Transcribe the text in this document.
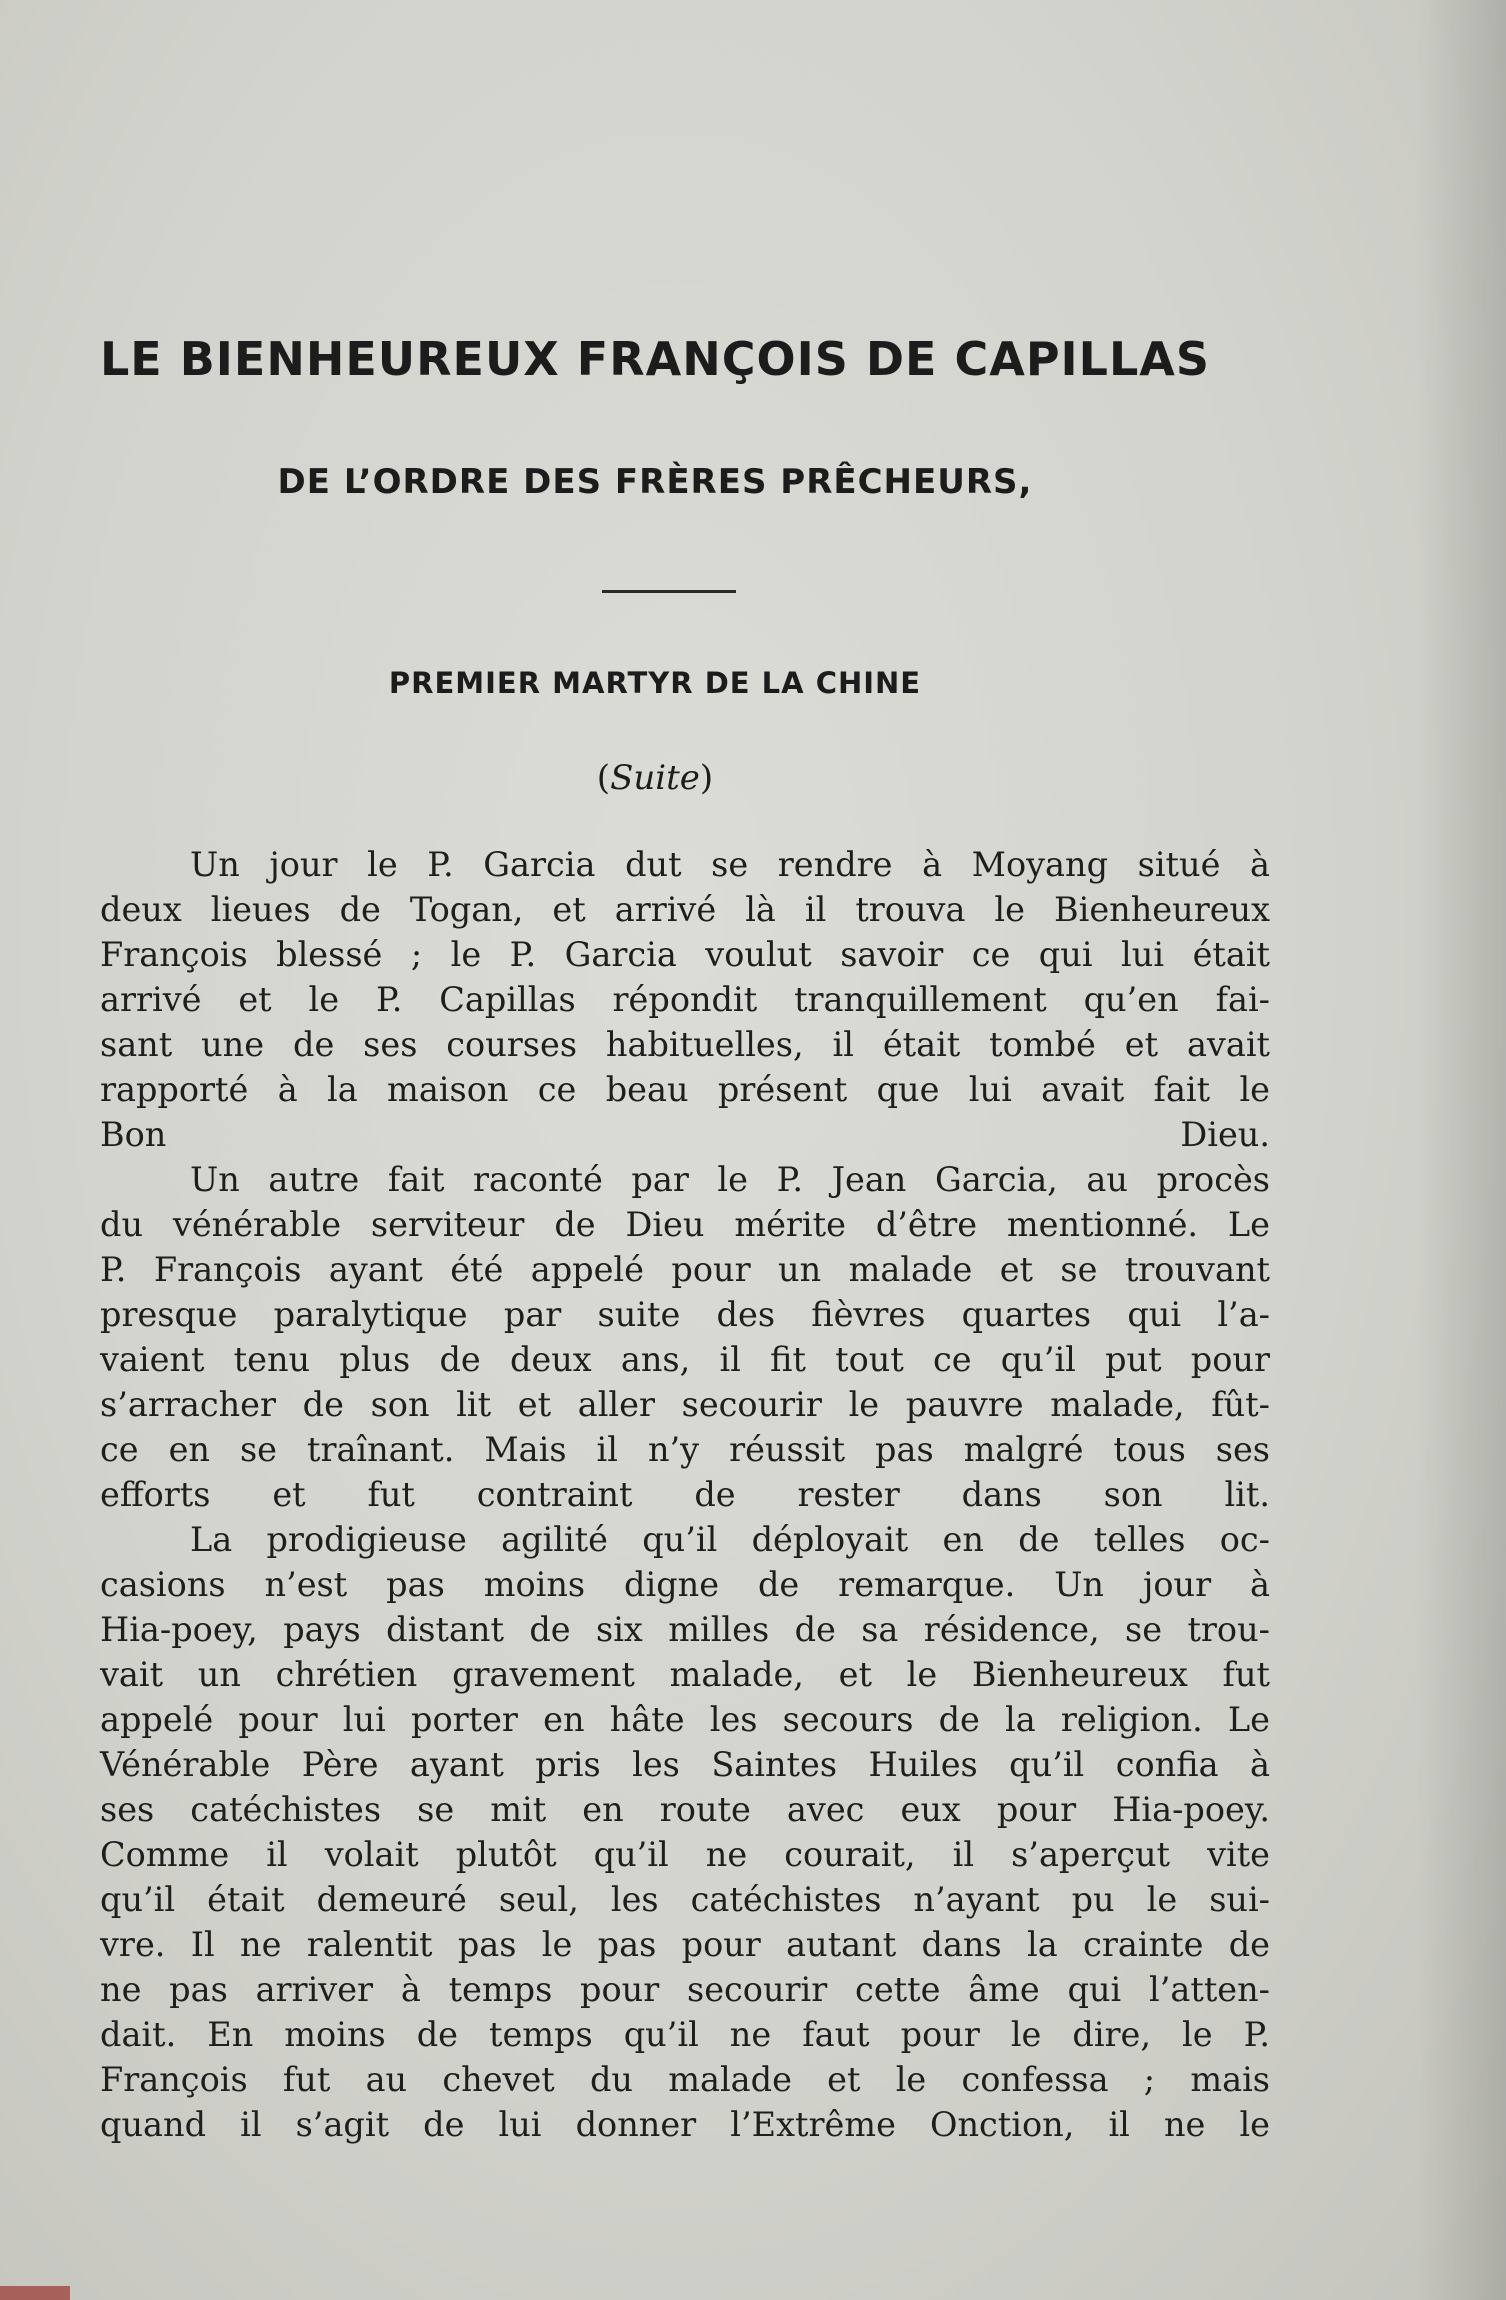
LE BIENHEUREUX FRANÇOIS DE CAPILLAS
DE L’ORDRE DES FRÈRES PRÊCHEURS,
PREMIER MARTYR DE LA CHINE
(Suite)

Un jour le P. Garcia dut se rendre à Moyang situé à
deux lieues de Togan, et arrivé là il trouva le Bienheureux
François blessé ; le P. Garcia voulut savoir ce qui lui était
arrivé et le P. Capillas répondit tranquillement qu’en fai-
sant une de ses courses habituelles, il était tombé et avait
rapporté à la maison ce beau présent que lui avait fait le
Bon Dieu.

Un autre fait raconté par le P. Jean Garcia, au procès
du vénérable serviteur de Dieu mérite d’être mentionné. Le
P. François ayant été appelé pour un malade et se trouvant
presque paralytique par suite des fièvres quartes qui l’a-
vaient tenu plus de deux ans, il fit tout ce qu’il put pour
s’arracher de son lit et aller secourir le pauvre malade, fût-
ce en se traînant. Mais il n’y réussit pas malgré tous ses
efforts et fut contraint de rester dans son lit.

La prodigieuse agilité qu’il déployait en de telles oc-
casions n’est pas moins digne de remarque. Un jour à
Hia-poey, pays distant de six milles de sa résidence, se trou-
vait un chrétien gravement malade, et le Bienheureux fut
appelé pour lui porter en hâte les secours de la religion. Le
Vénérable Père ayant pris les Saintes Huiles qu’il confia à
ses catéchistes se mit en route avec eux pour Hia-poey.
Comme il volait plutôt qu’il ne courait, il s’aperçut vite
qu’il était demeuré seul, les catéchistes n’ayant pu le sui-
vre. Il ne ralentit pas le pas pour autant dans la crainte de
ne pas arriver à temps pour secourir cette âme qui l’atten-
dait. En moins de temps qu’il ne faut pour le dire, le P.
François fut au chevet du malade et le confessa ; mais
quand il s’agit de lui donner l’Extrême Onction, il ne le
